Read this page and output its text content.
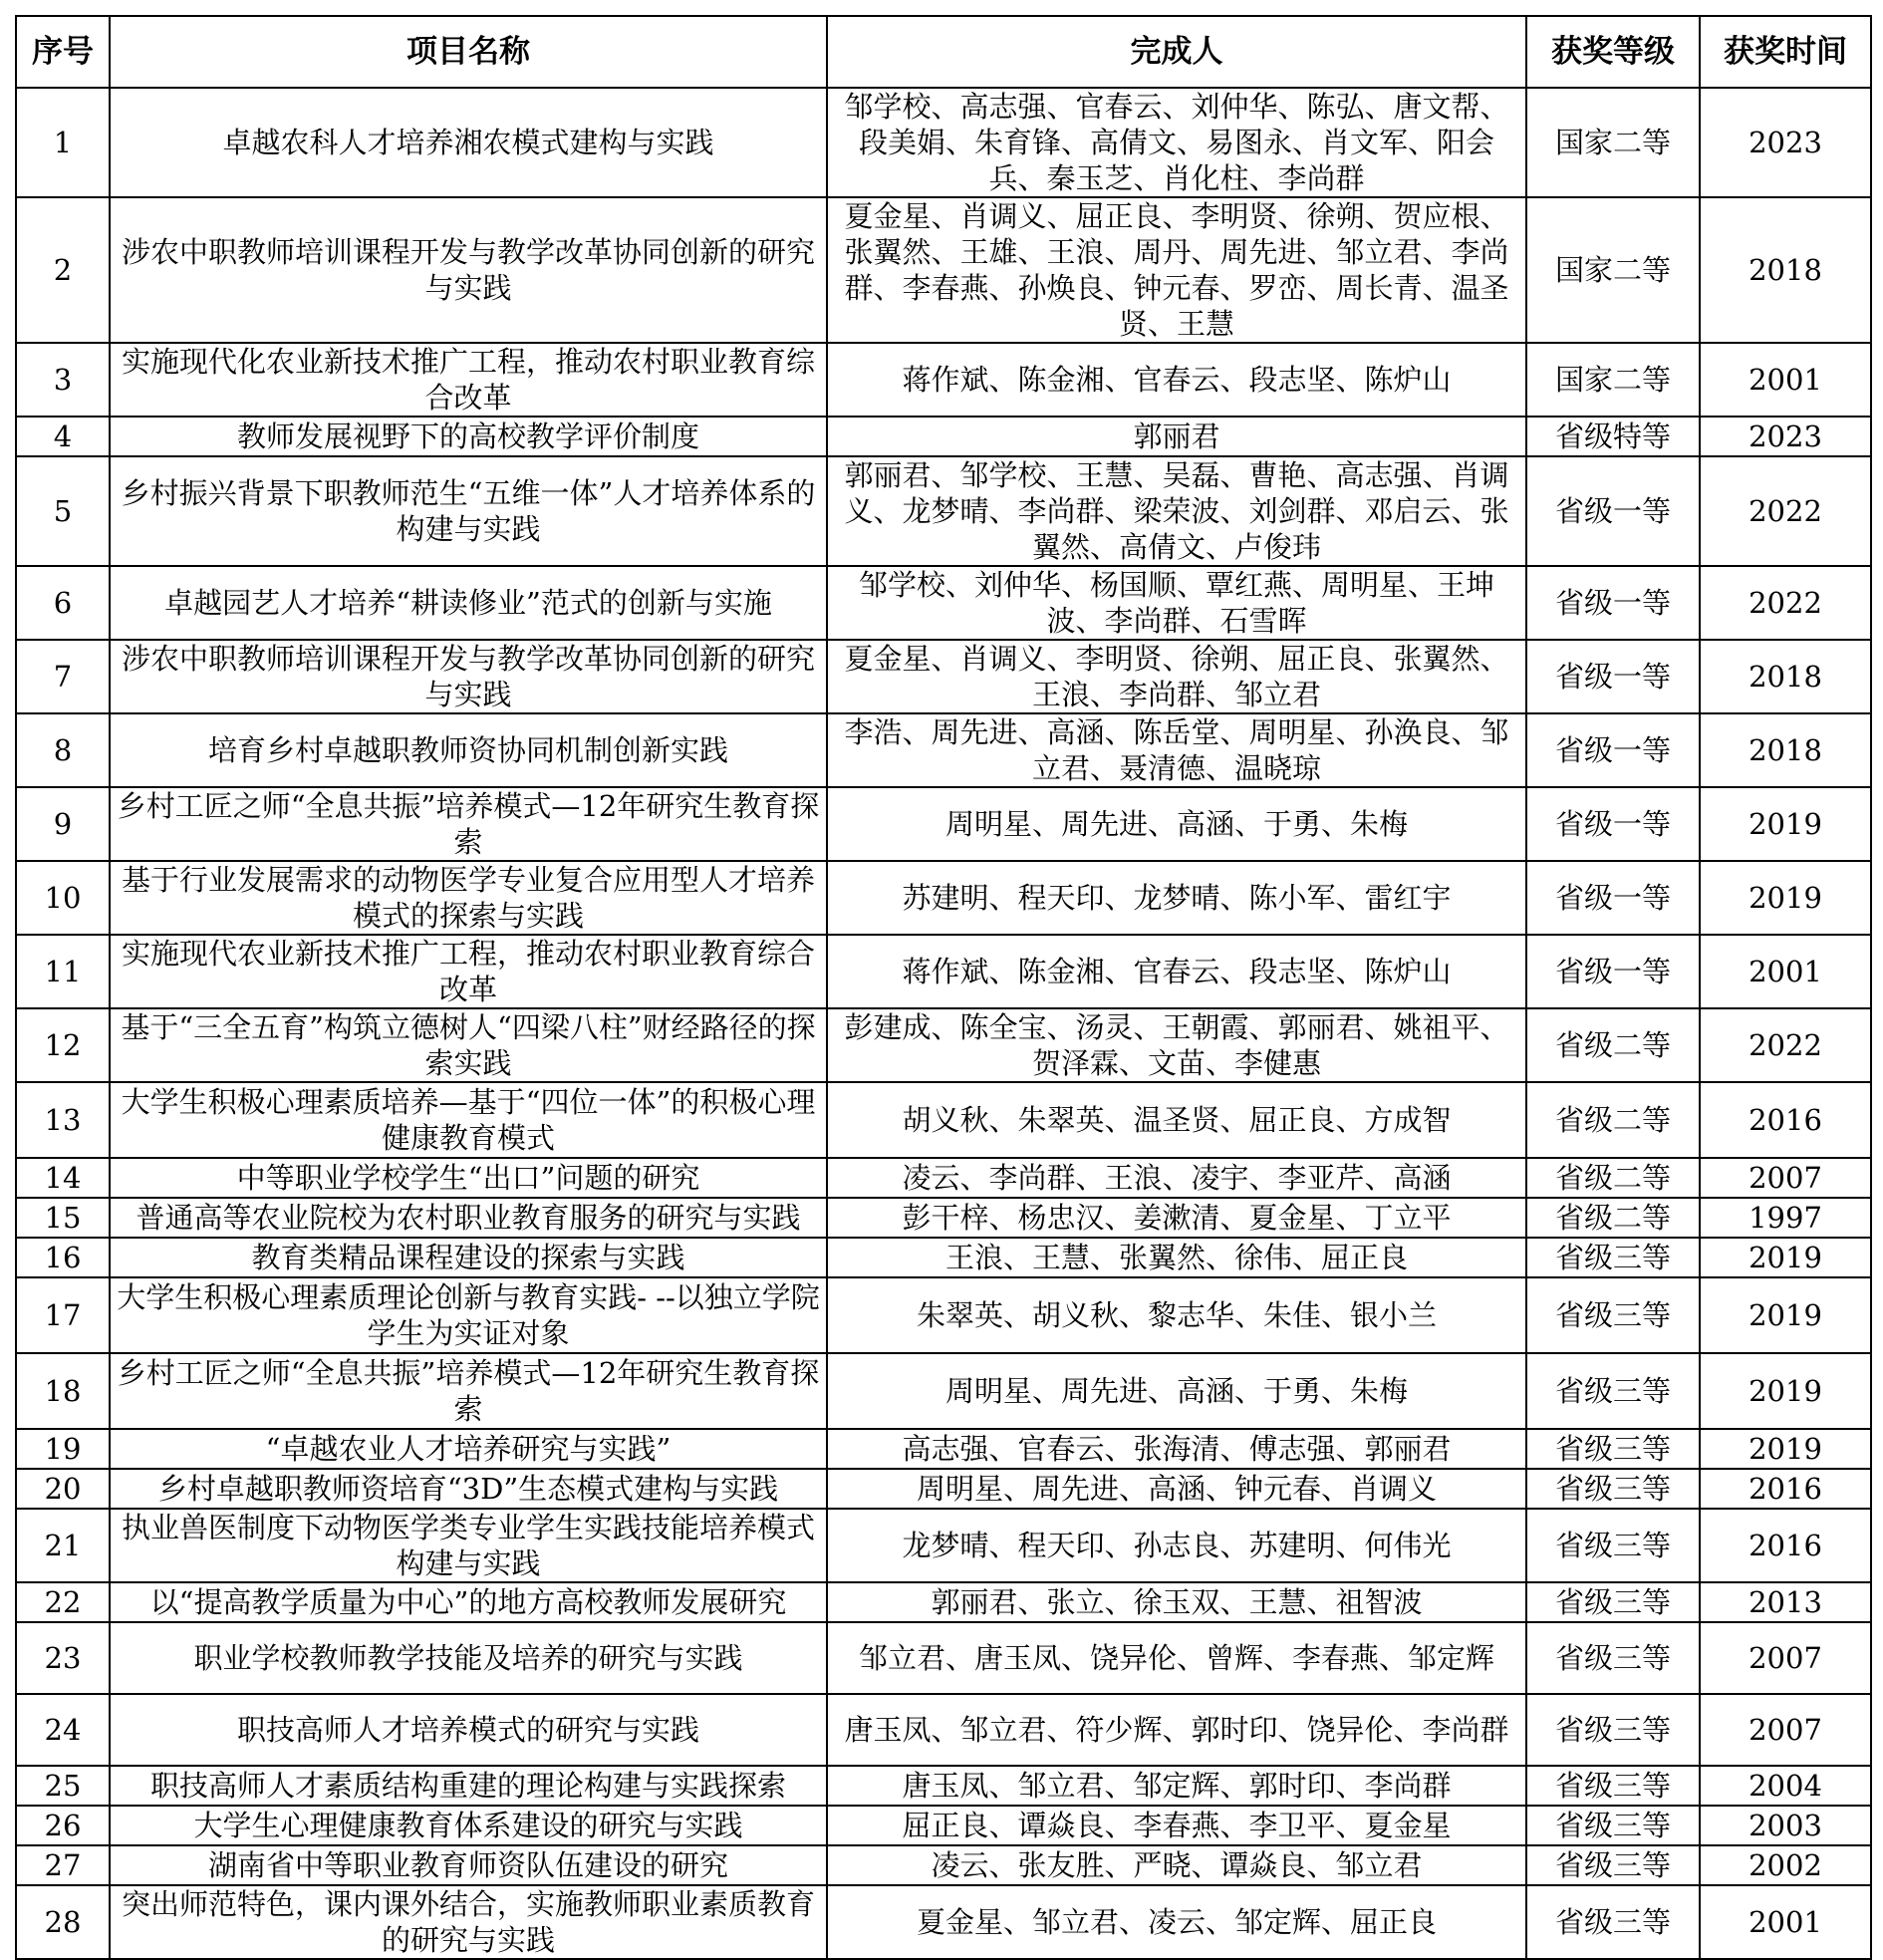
序号	项目名称	完成人	获奖等级	获奖时间
1	卓越农科人才培养湘农模式建构与实践	邹学校、高志强、官春云、刘仲华、陈弘、唐文帮、段美娟、朱育锋、高倩文、易图永、肖文军、阳会兵、秦玉芝、肖化柱、李尚群	国家二等	2023
2	涉农中职教师培训课程开发与教学改革协同创新的研究与实践	夏金星、肖调义、屈正良、李明贤、徐朔、贺应根、张翼然、王雄、王浪、周丹、周先进、邹立君、李尚群、李春燕、孙焕良、钟元春、罗峦、周长青、温圣贤、王慧	国家二等	2018
3	实施现代化农业新技术推广工程，推动农村职业教育综合改革	蒋作斌、陈金湘、官春云、段志坚、陈炉山	国家二等	2001
4	教师发展视野下的高校教学评价制度	郭丽君	省级特等	2023
5	乡村振兴背景下职教师范生“五维一体”人才培养体系的构建与实践	郭丽君、邹学校、王慧、吴磊、曹艳、高志强、肖调义、龙梦晴、李尚群、梁荣波、刘剑群、邓启云、张翼然、高倩文、卢俊玮	省级一等	2022
6	卓越园艺人才培养“耕读修业”范式的创新与实施	邹学校、刘仲华、杨国顺、覃红燕、周明星、王坤波、李尚群、石雪晖	省级一等	2022
7	涉农中职教师培训课程开发与教学改革协同创新的研究与实践	夏金星、肖调义、李明贤、徐朔、屈正良、张翼然、王浪、李尚群、邹立君	省级一等	2018
8	培育乡村卓越职教师资协同机制创新实践	李浩、周先进、高涵、陈岳堂、周明星、孙涣良、邹立君、聂清德、温晓琼	省级一等	2018
9	乡村工匠之师“全息共振”培养模式—12年研究生教育探索	周明星、周先进、高涵、于勇、朱梅	省级一等	2019
10	基于行业发展需求的动物医学专业复合应用型人才培养模式的探索与实践	苏建明、程天印、龙梦晴、陈小军、雷红宇	省级一等	2019
11	实施现代农业新技术推广工程，推动农村职业教育综合改革	蒋作斌、陈金湘、官春云、段志坚、陈炉山	省级一等	2001
12	基于“三全五育”构筑立德树人“四梁八柱”财经路径的探索实践	彭建成、陈全宝、汤灵、王朝霞、郭丽君、姚祖平、贺泽霖、文苗、李健惠	省级二等	2022
13	大学生积极心理素质培养—基于“四位一体”的积极心理健康教育模式	胡义秋、朱翠英、温圣贤、屈正良、方成智	省级二等	2016
14	中等职业学校学生“出口”问题的研究	凌云、李尚群、王浪、凌宇、李亚芹、高涵	省级二等	2007
15	普通高等农业院校为农村职业教育服务的研究与实践	彭干梓、杨忠汉、姜漱清、夏金星、丁立平	省级二等	1997
16	教育类精品课程建设的探索与实践	王浪、王慧、张翼然、徐伟、屈正良	省级三等	2019
17	大学生积极心理素质理论创新与教育实践- --以独立学院学生为实证对象	朱翠英、胡义秋、黎志华、朱佳、银小兰	省级三等	2019
18	乡村工匠之师“全息共振”培养模式—12年研究生教育探索	周明星、周先进、高涵、于勇、朱梅	省级三等	2019
19	“卓越农业人才培养研究与实践”	高志强、官春云、张海清、傅志强、郭丽君	省级三等	2019
20	乡村卓越职教师资培育“3D”生态模式建构与实践	周明星、周先进、高涵、钟元春、肖调义	省级三等	2016
21	执业兽医制度下动物医学类专业学生实践技能培养模式构建与实践	龙梦晴、程天印、孙志良、苏建明、何伟光	省级三等	2016
22	以“提高教学质量为中心”的地方高校教师发展研究	郭丽君、张立、徐玉双、王慧、祖智波	省级三等	2013
23	职业学校教师教学技能及培养的研究与实践	邹立君、唐玉凤、饶异伦、曾辉、李春燕、邹定辉	省级三等	2007
24	职技高师人才培养模式的研究与实践	唐玉凤、邹立君、符少辉、郭时印、饶异伦、李尚群	省级三等	2007
25	职技高师人才素质结构重建的理论构建与实践探索	唐玉凤、邹立君、邹定辉、郭时印、李尚群	省级三等	2004
26	大学生心理健康教育体系建设的研究与实践	屈正良、谭焱良、李春燕、李卫平、夏金星	省级三等	2003
27	湖南省中等职业教育师资队伍建设的研究	凌云、张友胜、严晓、谭焱良、邹立君	省级三等	2002
28	突出师范特色，课内课外结合，实施教师职业素质教育的研究与实践	夏金星、邹立君、凌云、邹定辉、屈正良	省级三等	2001
